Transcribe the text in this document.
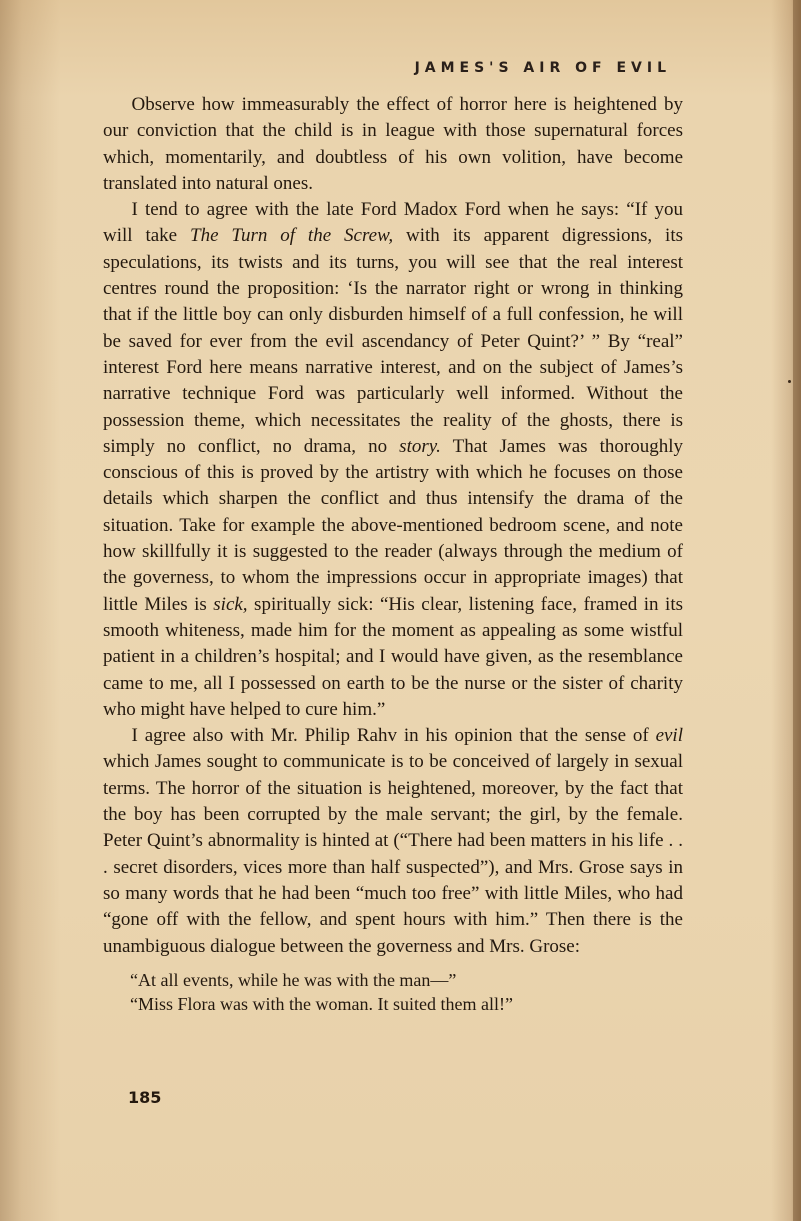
JAMES'S AIR OF EVIL

Observe how immeasurably the effect of horror here is heightened by our conviction that the child is in league with those supernatural forces which, momentarily, and doubtless of his own volition, have become translated into natural ones.

I tend to agree with the late Ford Madox Ford when he says: “If you will take The Turn of the Screw, with its apparent digressions, its speculations, its twists and its turns, you will see that the real interest centres round the proposition: ‘Is the narrator right or wrong in thinking that if the little boy can only disburden himself of a full confession, he will be saved for ever from the evil ascendancy of Peter Quint?’ ” By “real” interest Ford here means narrative interest, and on the subject of James’s narrative technique Ford was particularly well informed. Without the possession theme, which necessitates the reality of the ghosts, there is simply no conflict, no drama, no story. That James was thoroughly conscious of this is proved by the artistry with which he focuses on those details which sharpen the conflict and thus intensify the drama of the situation. Take for example the above-mentioned bedroom scene, and note how skillfully it is suggested to the reader (always through the medium of the governess, to whom the impressions occur in appropriate images) that little Miles is sick, spiritually sick: “His clear, listening face, framed in its smooth whiteness, made him for the moment as appealing as some wistful patient in a children’s hospital; and I would have given, as the resemblance came to me, all I possessed on earth to be the nurse or the sister of charity who might have helped to cure him.”

I agree also with Mr. Philip Rahv in his opinion that the sense of evil which James sought to communicate is to be conceived of largely in sexual terms. The horror of the situation is heightened, moreover, by the fact that the boy has been corrupted by the male servant; the girl, by the female. Peter Quint’s abnormality is hinted at (“There had been matters in his life . . . secret disorders, vices more than half suspected”), and Mrs. Grose says in so many words that he had been “much too free” with little Miles, who had “gone off with the fellow, and spent hours with him.” Then there is the unambiguous dialogue between the governess and Mrs. Grose:

“At all events, while he was with the man—”
“Miss Flora was with the woman. It suited them all!”
185
